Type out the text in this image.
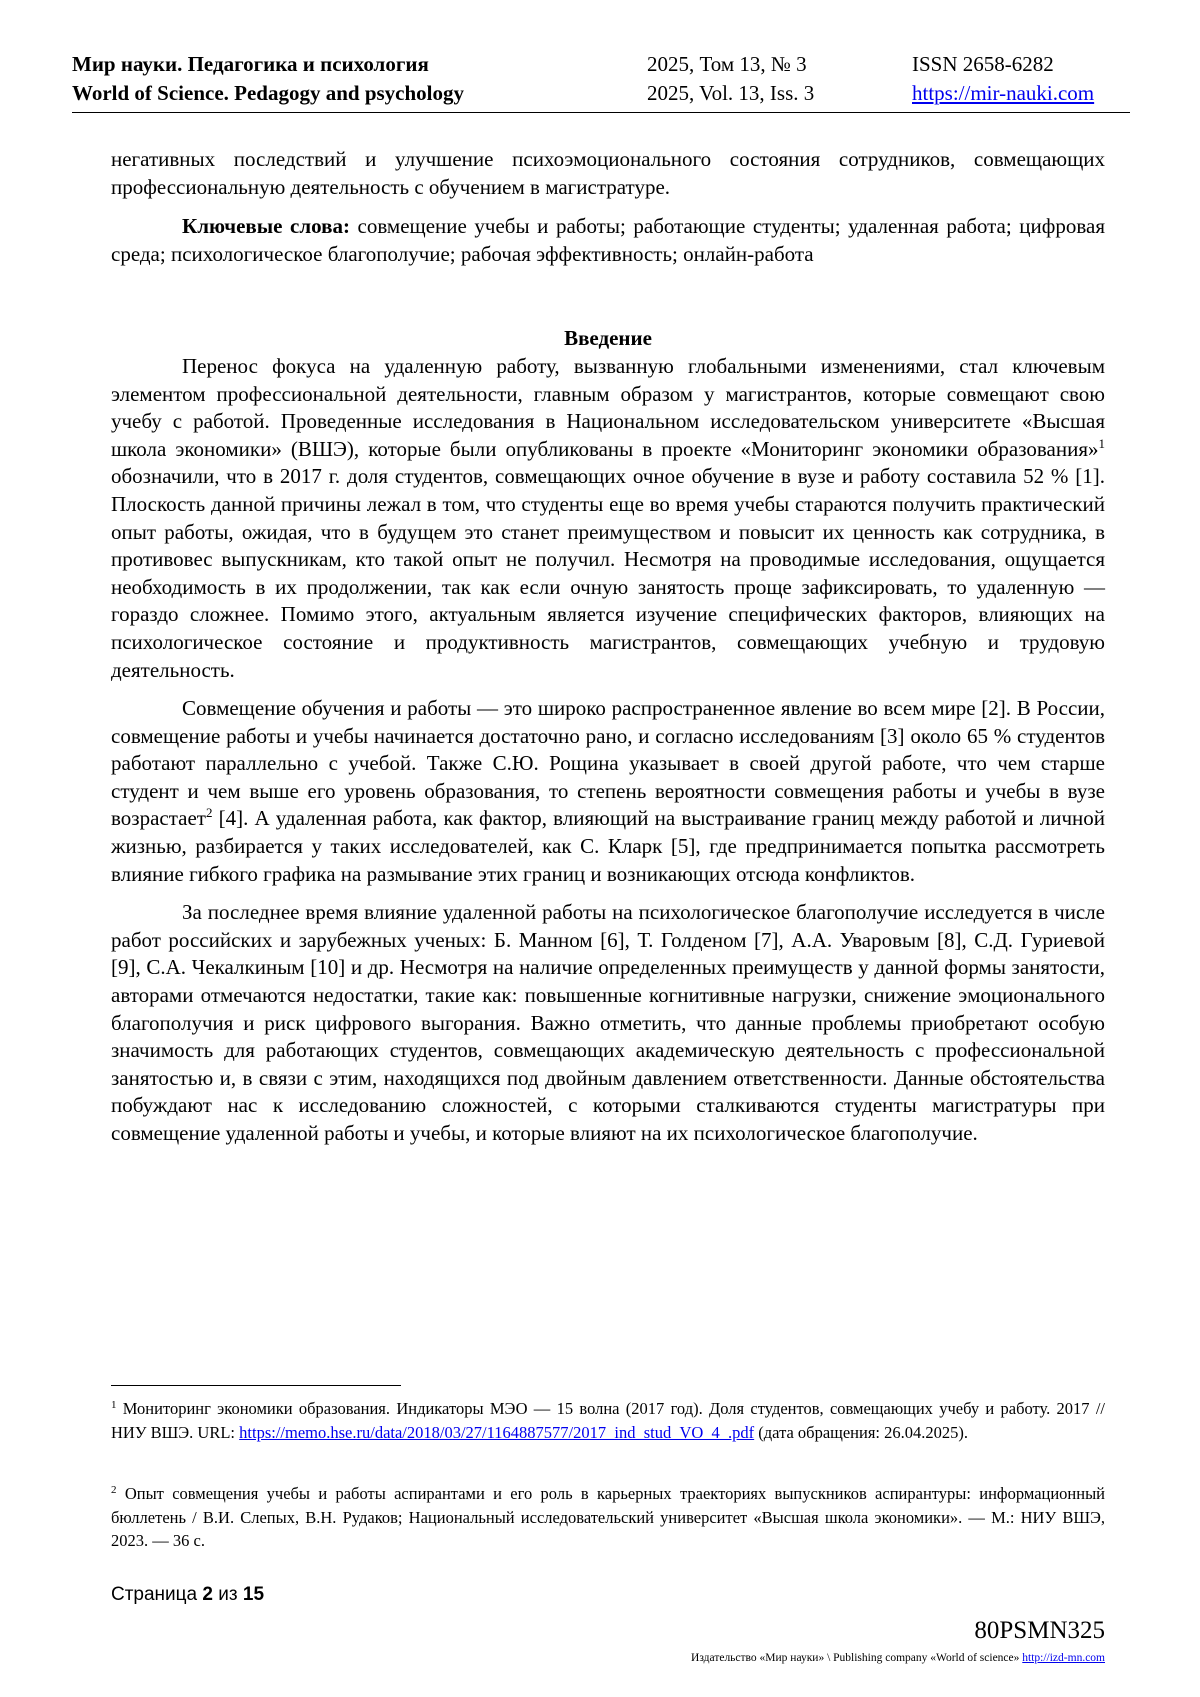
Мир науки. Педагогика и психология
World of Science. Pedagogy and psychology
2025, Том 13, № 3
2025, Vol. 13, Iss. 3
ISSN 2658-6282
https://mir-nauki.com

негативных последствий и улучшение психоэмоционального состояния сотрудников, совмещающих профессиональную деятельность с обучением в магистратуре.

Ключевые слова: совмещение учебы и работы; работающие студенты; удаленная работа; цифровая среда; психологическое благополучие; рабочая эффективность; онлайн-работа

Введение

Перенос фокуса на удаленную работу, вызванную глобальными изменениями, стал ключевым элементом профессиональной деятельности, главным образом у магистрантов, которые совмещают свою учебу с работой. Проведенные исследования в Национальном исследовательском университете «Высшая школа экономики» (ВШЭ), которые были опубликованы в проекте «Мониторинг экономики образования»$^1$ обозначили, что в 2017 г. доля студентов, совмещающих очное обучение в вузе и работу составила 52 % [1]. Плоскость данной причины лежал в том, что студенты еще во время учебы стараются получить практический опыт работы, ожидая, что в будущем это станет преимуществом и повысит их ценность как сотрудника, в противовес выпускникам, кто такой опыт не получил. Несмотря на проводимые исследования, ощущается необходимость в их продолжении, так как если очную занятость проще зафиксировать, то удаленную — гораздо сложнее. Помимо этого, актуальным является изучение специфических факторов, влияющих на психологическое состояние и продуктивность магистрантов, совмещающих учебную и трудовую деятельность.

Совмещение обучения и работы — это широко распространенное явление во всем мире [2]. В России, совмещение работы и учебы начинается достаточно рано, и согласно исследованиям [3] около 65 % студентов работают параллельно с учебой. Также С.Ю. Рощина указывает в своей другой работе, что чем старше студент и чем выше его уровень образования, то степень вероятности совмещения работы и учебы в вузе возрастает$^2$ [4]. А удаленная работа, как фактор, влияющий на выстраивание границ между работой и личной жизнью, разбирается у таких исследователей, как С. Кларк [5], где предпринимается попытка рассмотреть влияние гибкого графика на размывание этих границ и возникающих отсюда конфликтов.

За последнее время влияние удаленной работы на психологическое благополучие исследуется в числе работ российских и зарубежных ученых: Б. Манном [6], Т. Голденом [7], А.А. Уваровым [8], С.Д. Гуриевой [9], С.А. Чекалкиным [10] и др. Несмотря на наличие определенных преимуществ у данной формы занятости, авторами отмечаются недостатки, такие как: повышенные когнитивные нагрузки, снижение эмоционального благополучия и риск цифрового выгорания. Важно отметить, что данные проблемы приобретают особую значимость для работающих студентов, совмещающих академическую деятельность с профессиональной занятостью и, в связи с этим, находящихся под двойным давлением ответственности. Данные обстоятельства побуждают нас к исследованию сложностей, с которыми сталкиваются студенты магистратуры при совмещение удаленной работы и учебы, и которые влияют на их психологическое благополучие.

$^1$ Мониторинг экономики образования. Индикаторы МЭО — 15 волна (2017 год). Доля студентов, совмещающих учебу и работу. 2017 // НИУ ВШЭ. URL: https://memo.hse.ru/data/2018/03/27/1164887577/2017_ind_stud_VO_4_.pdf (дата обращения: 26.04.2025).
$^2$ Опыт совмещения учебы и работы аспирантами и его роль в карьерных траекториях выпускников аспирантуры: информационный бюллетень / В.И. Слепых, В.Н. Рудаков; Национальный исследовательский университет «Высшая школа экономики». — М.: НИУ ВШЭ, 2023. — 36 с.
Страница 2 из 15
80PSMN325
Издательство «Мир науки» \ Publishing company «World of science» http://izd-mn.com
